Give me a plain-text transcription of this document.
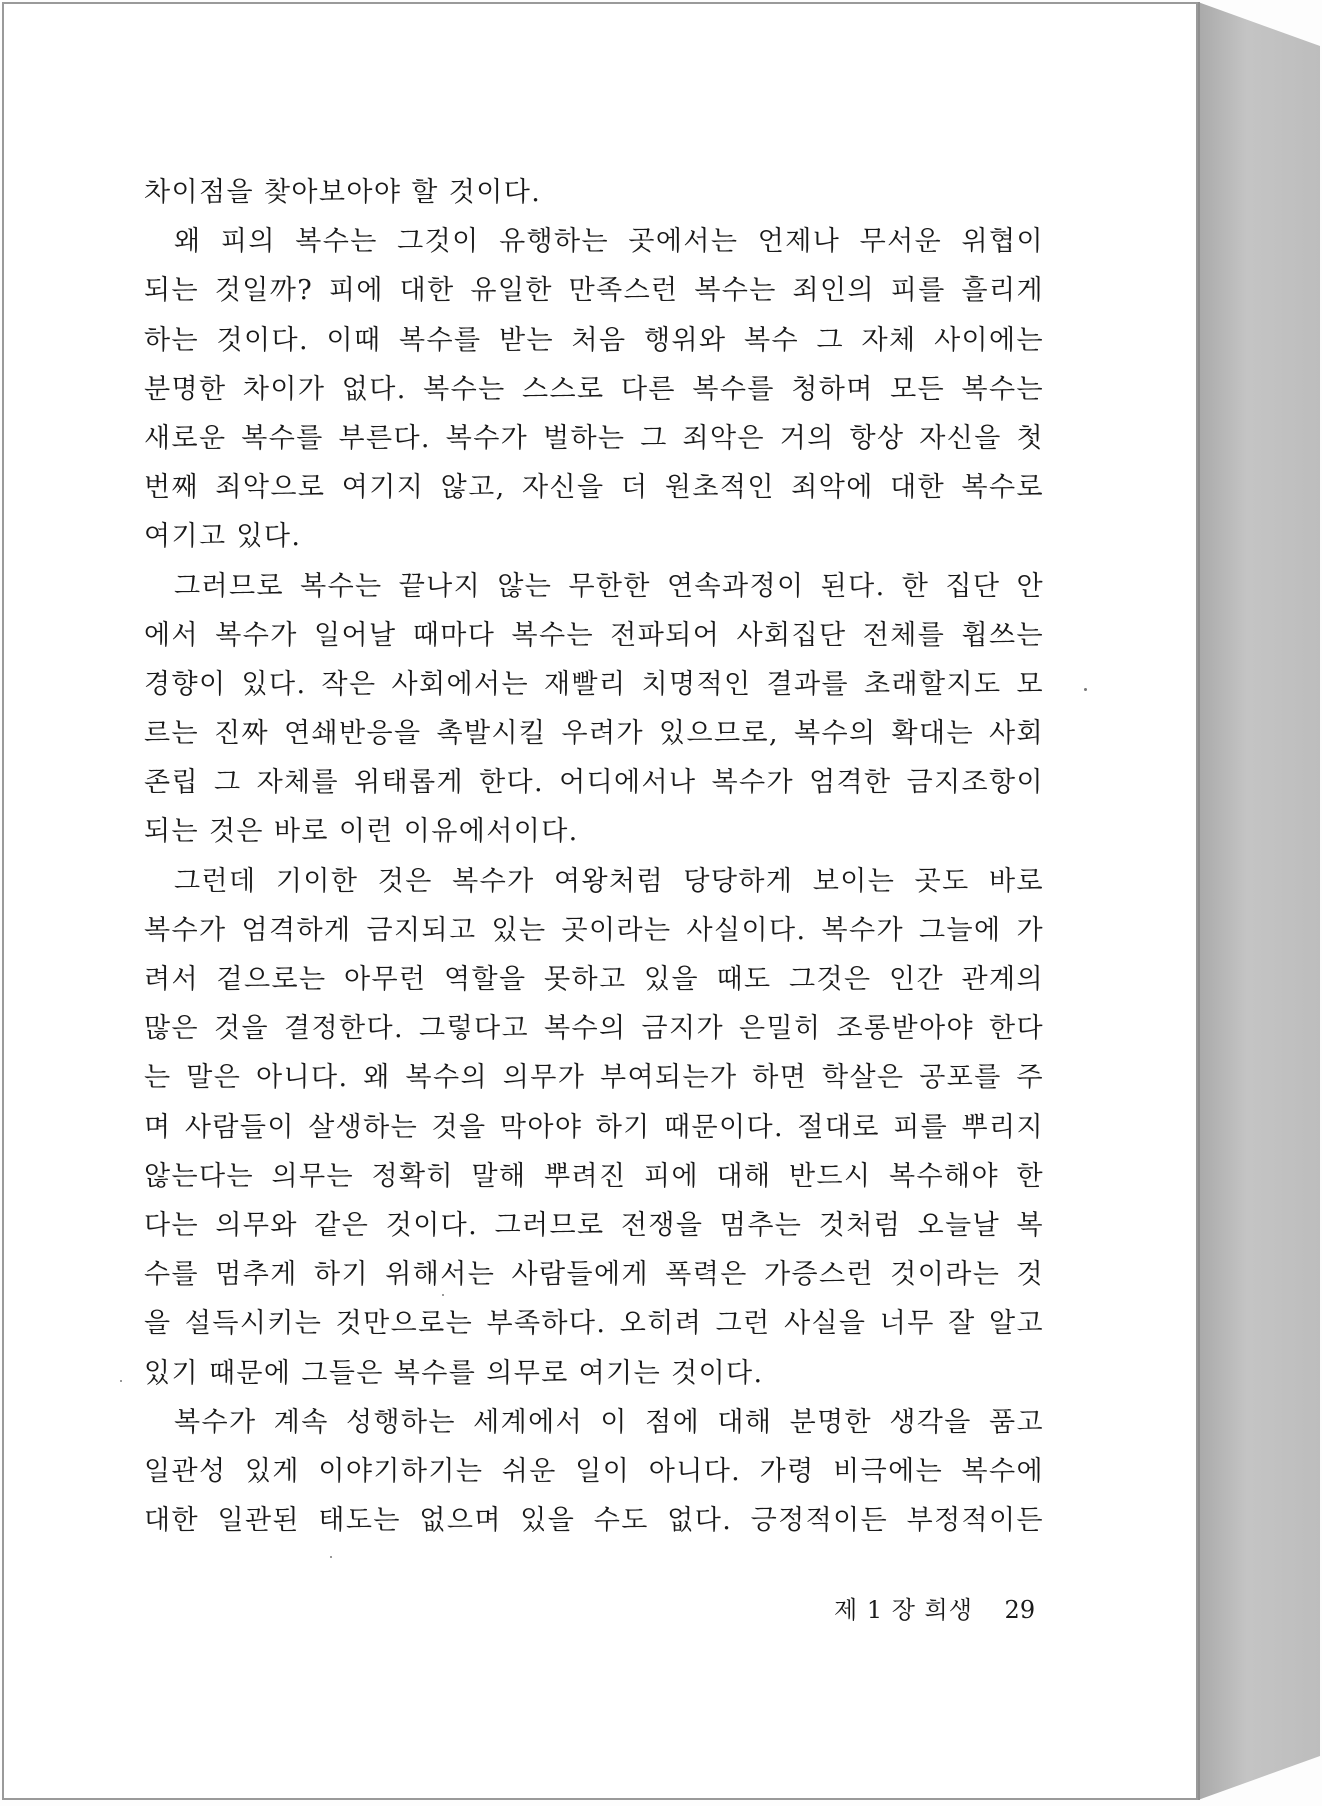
차이점을 찾아보아야 할 것이다.
왜 피의 복수는 그것이 유행하는 곳에서는 언제나 무서운 위협이
되는 것일까? 피에 대한 유일한 만족스런 복수는 죄인의 피를 흘리게
하는 것이다. 이때 복수를 받는 처음 행위와 복수 그 자체 사이에는
분명한 차이가 없다. 복수는 스스로 다른 복수를 청하며 모든 복수는
새로운 복수를 부른다. 복수가 벌하는 그 죄악은 거의 항상 자신을 첫
번째 죄악으로 여기지 않고, 자신을 더 원초적인 죄악에 대한 복수로
여기고 있다.
그러므로 복수는 끝나지 않는 무한한 연속과정이 된다. 한 집단 안
에서 복수가 일어날 때마다 복수는 전파되어 사회집단 전체를 휩쓰는
경향이 있다. 작은 사회에서는 재빨리 치명적인 결과를 초래할지도 모
르는 진짜 연쇄반응을 촉발시킬 우려가 있으므로, 복수의 확대는 사회
존립 그 자체를 위태롭게 한다. 어디에서나 복수가 엄격한 금지조항이
되는 것은 바로 이런 이유에서이다.
그런데 기이한 것은 복수가 여왕처럼 당당하게 보이는 곳도 바로
복수가 엄격하게 금지되고 있는 곳이라는 사실이다. 복수가 그늘에 가
려서 겉으로는 아무런 역할을 못하고 있을 때도 그것은 인간 관계의
많은 것을 결정한다. 그렇다고 복수의 금지가 은밀히 조롱받아야 한다
는 말은 아니다. 왜 복수의 의무가 부여되는가 하면 학살은 공포를 주
며 사람들이 살생하는 것을 막아야 하기 때문이다. 절대로 피를 뿌리지
않는다는 의무는 정확히 말해 뿌려진 피에 대해 반드시 복수해야 한
다는 의무와 같은 것이다. 그러므로 전쟁을 멈추는 것처럼 오늘날 복
수를 멈추게 하기 위해서는 사람들에게 폭력은 가증스런 것이라는 것
을 설득시키는 것만으로는 부족하다. 오히려 그런 사실을 너무 잘 알고
있기 때문에 그들은 복수를 의무로 여기는 것이다.
복수가 계속 성행하는 세계에서 이 점에 대해 분명한 생각을 품고
일관성 있게 이야기하기는 쉬운 일이 아니다. 가령 비극에는 복수에
대한 일관된 태도는 없으며 있을 수도 없다. 긍정적이든 부정적이든
제 1 장 희생 29
